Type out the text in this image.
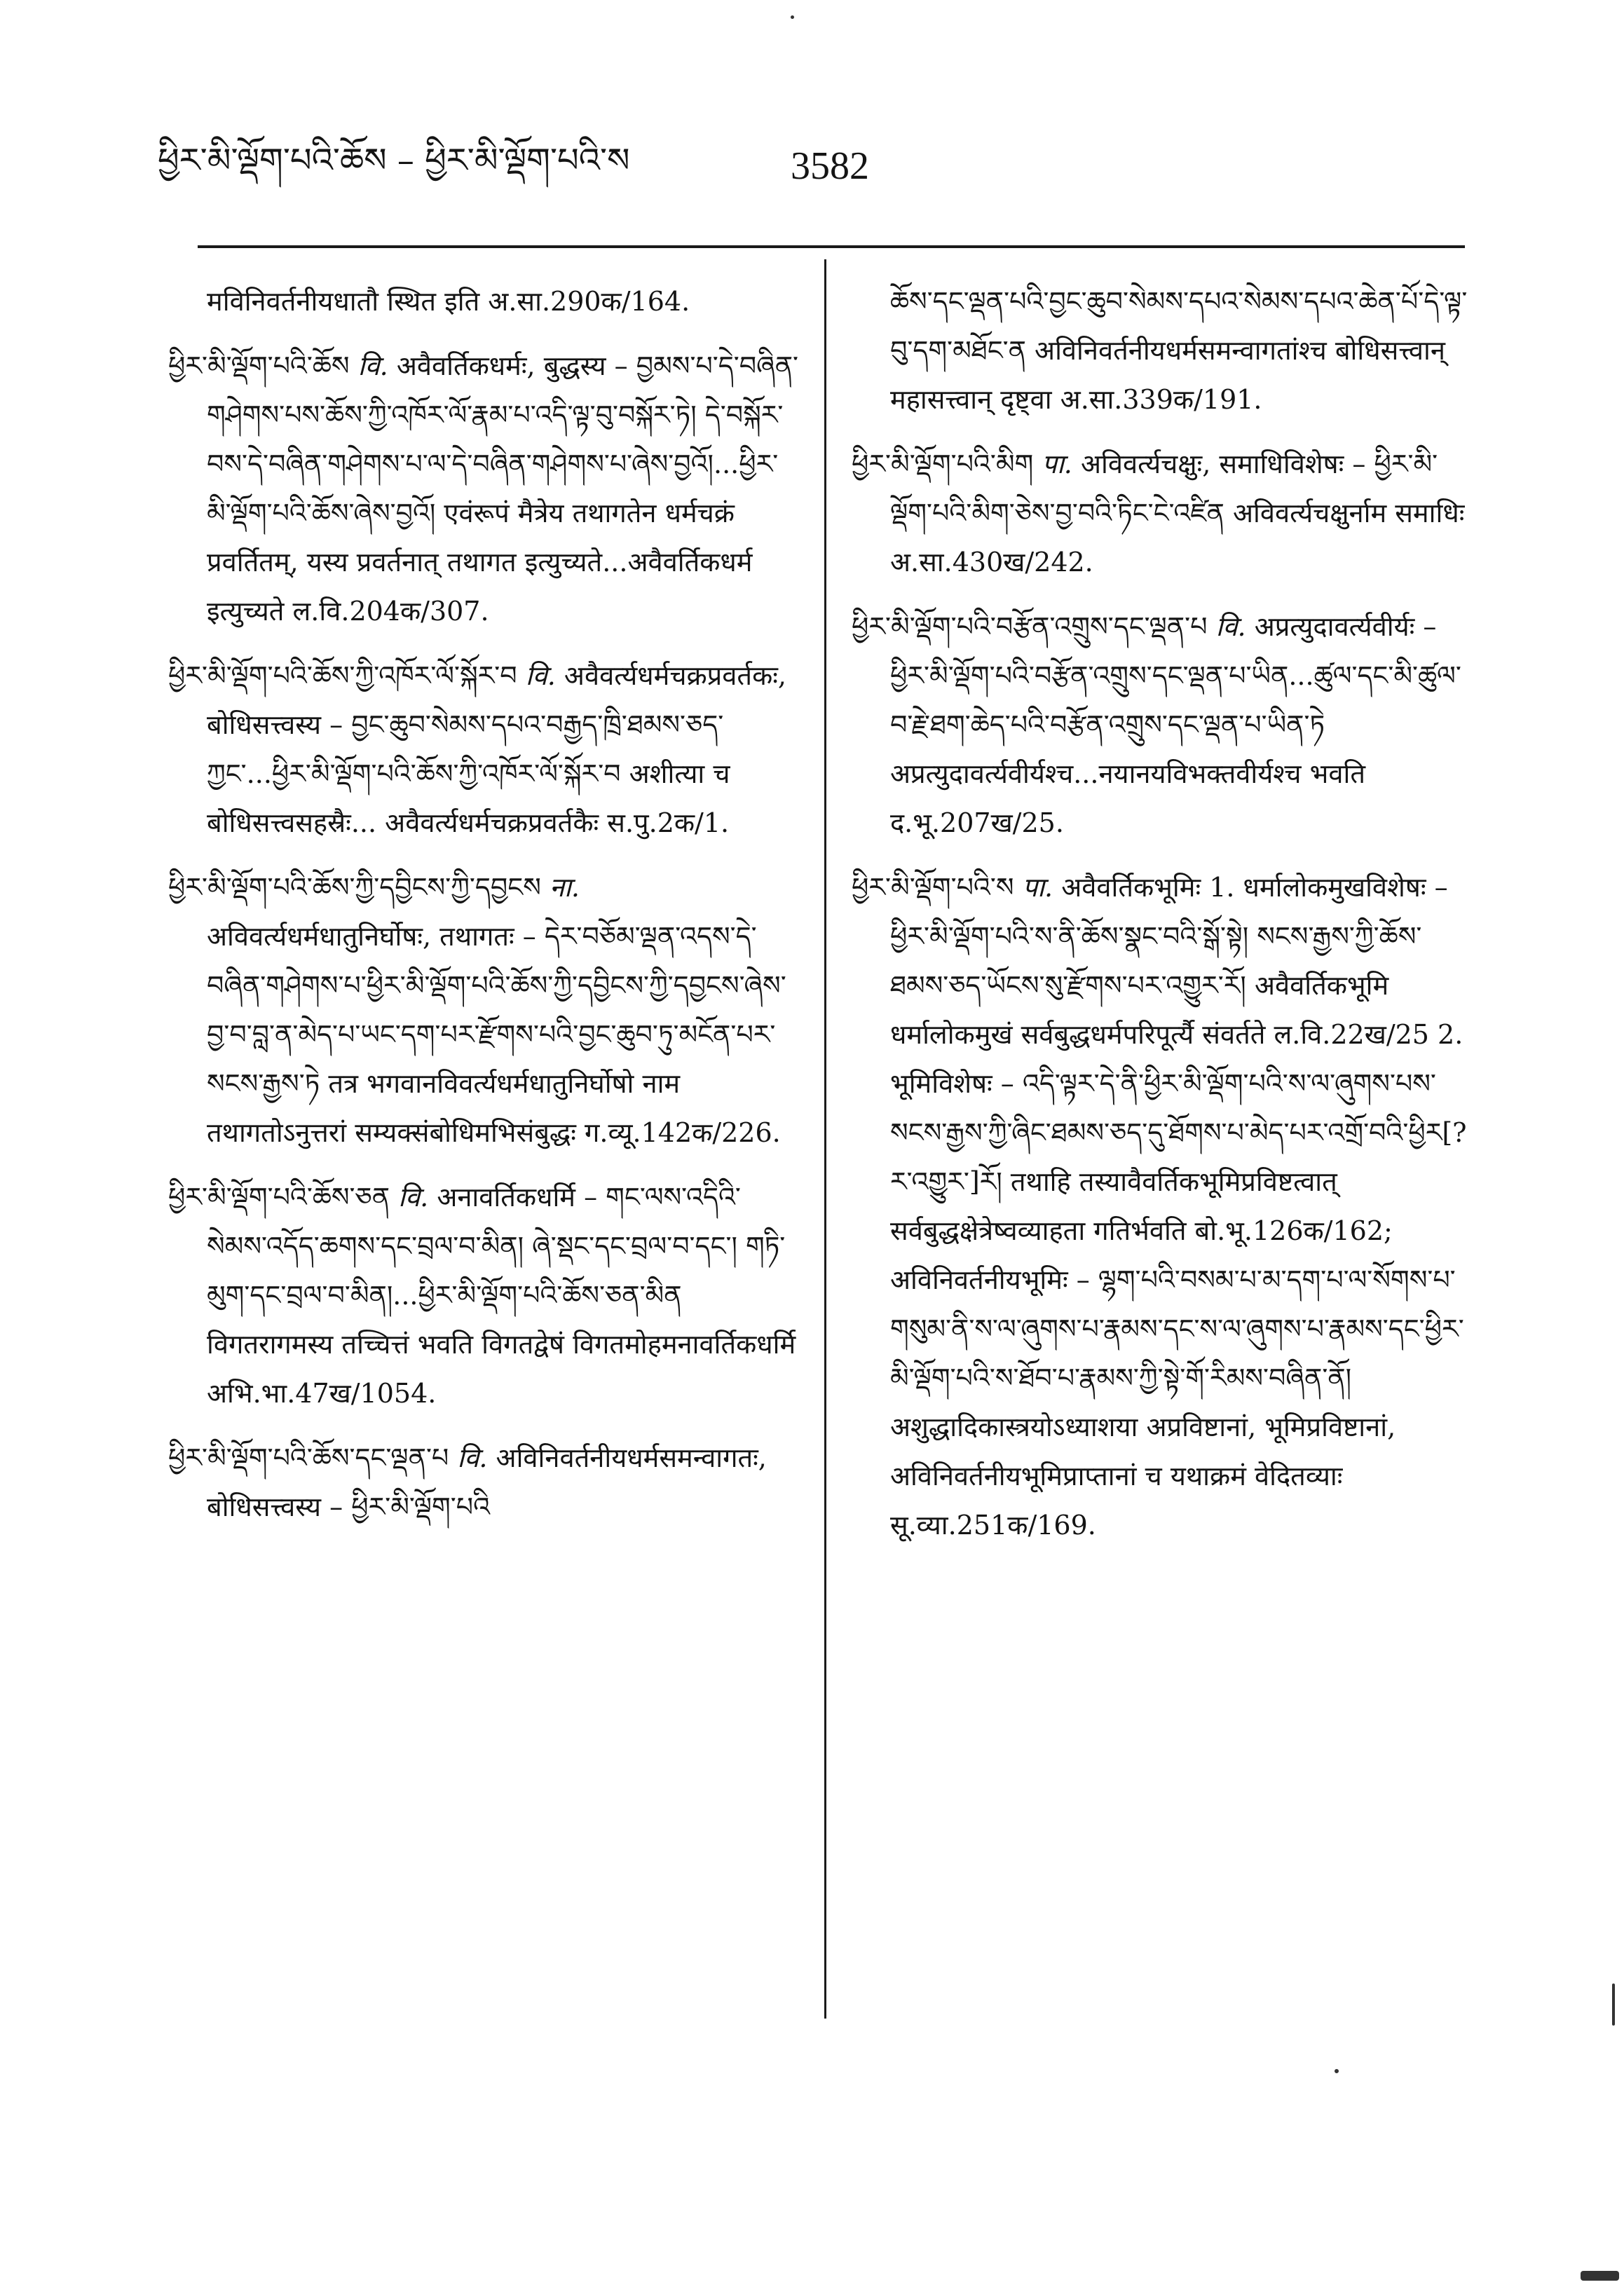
ཕྱིར་མི་ལྡོག་པའི་ཆོས – ཕྱིར་མི་ལྡོག་པའི་ས	3582

मविनिवर्तनीयधातौ स्थित इति अ.सा.290क/164.

ཕྱིར་མི་ལྡོག་པའི་ཆོས वि. अवैवर्तिकधर्मः, बुद्धस्य – བྱམས་པ་དེ་བཞིན་གཤེགས་པས་ཆོས་ཀྱི་འཁོར་ལོ་རྣམ་པ་འདི་ལྟ་བུ་བསྐོར་ཏེ། དེ་བསྐོར་བས་དེ་བཞིན་གཤེགས་པ་ལ་དེ་བཞིན་གཤེགས་པ་ཞེས་བྱའོ།...ཕྱིར་མི་ལྡོག་པའི་ཆོས་ཞེས་བྱའོ། एवंरूपं मैत्रेय तथागतेन धर्मचक्रं प्रवर्तितम्, यस्य प्रवर्तनात् तथागत इत्युच्यते...अवैवर्तिकधर्म इत्युच्यते ल.वि.204क/307.

ཕྱིར་མི་ལྡོག་པའི་ཆོས་ཀྱི་འཁོར་ལོ་སྐོར་བ वि. अवैवर्त्यधर्मचक्रप्रवर्तकः, बोधिसत्त्वस्य – བྱང་ཆུབ་སེམས་དཔའ་བརྒྱད་ཁྲི་ཐམས་ཅད་ཀྱང་...ཕྱིར་མི་ལྡོག་པའི་ཆོས་ཀྱི་འཁོར་ལོ་སྐོར་བ अशीत्या च बोधिसत्त्वसहस्रैः... अवैवर्त्यधर्मचक्रप्रवर्तकैः स.पु.2क/1.

ཕྱིར་མི་ལྡོག་པའི་ཆོས་ཀྱི་དབྱིངས་ཀྱི་དབྱངས ना. अविवर्त्यधर्मधातुनिर्घोषः, तथागतः – དེར་བཅོམ་ལྡན་འདས་དེ་བཞིན་གཤེགས་པ་ཕྱིར་མི་ལྡོག་པའི་ཆོས་ཀྱི་དབྱིངས་ཀྱི་དབྱངས་ཞེས་བྱ་བ་བླ་ན་མེད་པ་ཡང་དག་པར་རྫོགས་པའི་བྱང་ཆུབ་ཏུ་མངོན་པར་སངས་རྒྱས་ཏེ तत्र भगवानविवर्त्यधर्मधातुनिर्घोषो नाम तथागतोऽनुत्तरां सम्यक्संबोधिमभिसंबुद्धः ग.व्यू.142क/226.

ཕྱིར་མི་ལྡོག་པའི་ཆོས་ཅན वि. अनावर्तिकधर्मि – གང་ལས་འདིའི་སེམས་འདོད་ཆགས་དང་བྲལ་བ་མིན། ཞེ་སྡང་དང་བྲལ་བ་དང་། གཏི་མུག་དང་བྲལ་བ་མིན།...ཕྱིར་མི་ལྡོག་པའི་ཆོས་ཅན་མིན विगतरागमस्य तच्चित्तं भवति विगतद्वेषं विगतमोहमनावर्तिकधर्मि अभि.भा.47ख/1054.

ཕྱིར་མི་ལྡོག་པའི་ཆོས་དང་ལྡན་པ वि. अविनिवर्तनीयधर्मसमन्वागतः, बोधिसत्त्वस्य – ཕྱིར་མི་ལྡོག་པའི

ཆོས་དང་ལྡན་པའི་བྱང་ཆུབ་སེམས་དཔའ་སེམས་དཔའ་ཆེན་པོ་དེ་ལྟ་བུ་དག་མཐོང་ན अविनिवर्तनीयधर्मसमन्वागतांश्च बोधिसत्त्वान् महासत्त्वान् दृष्ट्वा अ.सा.339क/191.

ཕྱིར་མི་ལྡོག་པའི་མིག पा. अविवर्त्यचक्षुः, समाधिविशेषः – ཕྱིར་མི་ལྡོག་པའི་མིག་ཅེས་བྱ་བའི་ཏིང་ངེ་འཛིན अविवर्त्यचक्षुर्नाम समाधिः अ.सा.430ख/242.

ཕྱིར་མི་ལྡོག་པའི་བརྩོན་འགྲུས་དང་ལྡན་པ वि. अप्रत्युदावर्त्यवीर्यः – ཕྱིར་མི་ལྡོག་པའི་བརྩོན་འགྲུས་དང་ལྡན་པ་ཡིན...ཚུལ་དང་མི་ཚུལ་བ་རྗེ་ཐག་ཆེད་པའི་བརྩོན་འགྲུས་དང་ལྡན་པ་ཡིན་ཏེ अप्रत्युदावर्त्यवीर्यश्च...नयानयविभक्तवीर्यश्च भवति द.भू.207ख/25.

ཕྱིར་མི་ལྡོག་པའི་ས पा. अवैवर्तिकभूमिः 1. धर्मालोकमुखविशेषः – ཕྱིར་མི་ལྡོག་པའི་ས་ནི་ཆོས་སྣང་བའི་སྒོ་སྟེ། སངས་རྒྱས་ཀྱི་ཆོས་ཐམས་ཅད་ཡོངས་སུ་རྫོགས་པར་འགྱུར་རོ། अवैवर्तिकभूमि धर्मालोकमुखं सर्वबुद्धधर्मपरिपूर्त्यै संवर्तते ल.वि.22ख/25 2. भूमिविशेषः – འདི་ལྟར་དེ་ནི་ཕྱིར་མི་ལྡོག་པའི་ས་ལ་ཞུགས་པས་སངས་རྒྱས་ཀྱི་ཞིང་ཐམས་ཅད་དུ་ཐོགས་པ་མེད་པར་འགྲོ་བའི་ཕྱིར[?ར་འགྱུར་]རོ། तथाहि तस्यावैवर्तिकभूमिप्रविष्टत्वात् सर्वबुद्धक्षेत्रेष्वव्याहता गतिर्भवति बो.भू.126क/162; अविनिवर्तनीयभूमिः – ལྷག་པའི་བསམ་པ་མ་དག་པ་ལ་སོགས་པ་གསུམ་ནི་ས་ལ་ཞུགས་པ་རྣམས་དང་ས་ལ་ཞུགས་པ་རྣམས་དང་ཕྱིར་མི་ལྡོག་པའི་ས་ཐོབ་པ་རྣམས་ཀྱི་སྟེ་གོ་རིམས་བཞིན་ནོ། अशुद्धादिकास्त्रयोऽध्याशया अप्रविष्टानां, भूमिप्रविष्टानां, अविनिवर्तनीयभूमिप्राप्तानां च यथाक्रमं वेदितव्याः सू.व्या.251क/169.
